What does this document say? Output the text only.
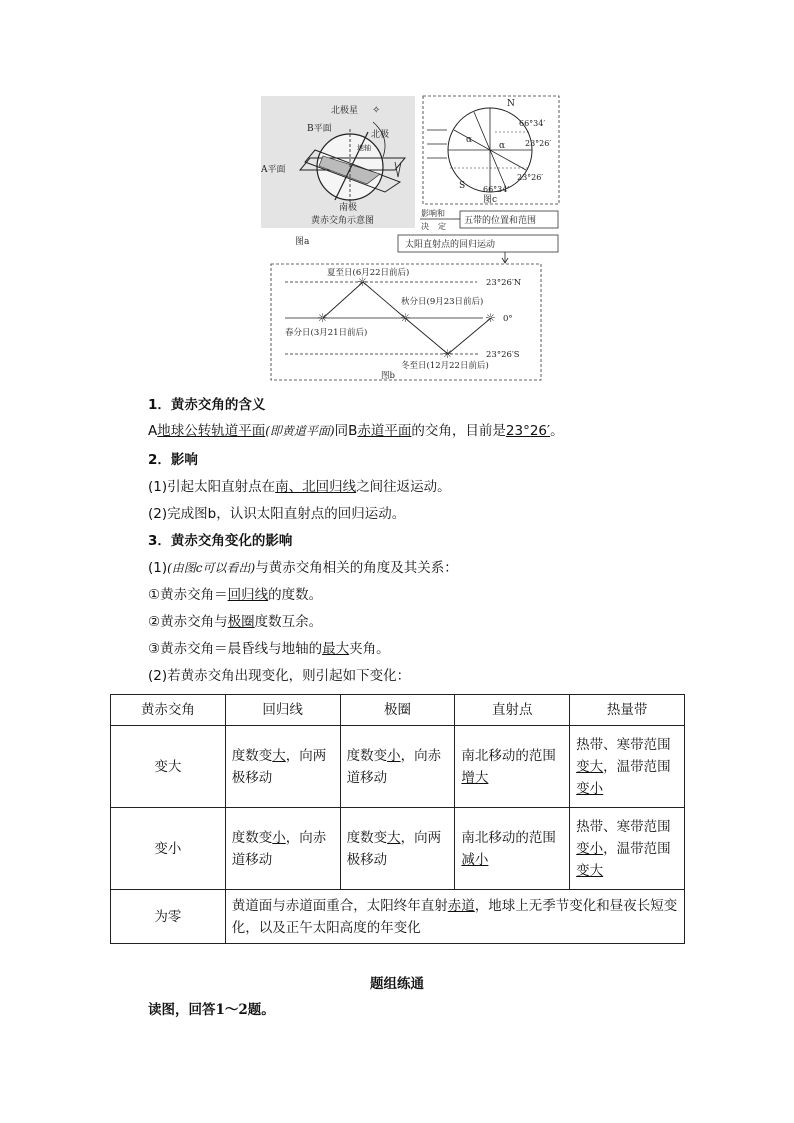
北极星 ✧
北极
B平面
A平面
地轴
南极
黄赤交角示意图
图a
N
S
66°34′
23°26′
23°26′
66°34′
α
α
图c
影响和
决 定
五带的位置和范围
太阳直射点的回归运动
☼
☼
☼
☼
☼
夏至日(6月22日前后)
秋分日(9月23日前后)
春分日(3月21日前后)
冬至日(12月22日前后)
23°26′N
0°
23°26′S
图b
1．黄赤交角的含义
A地球公转轨道平面(即黄道平面)同B赤道平面的交角，目前是23°26′。
2．影响
(1)引起太阳直射点在南、北回归线之间往返运动。
(2)完成图b，认识太阳直射点的回归运动。
3．黄赤交角变化的影响
(1)(由图c可以看出)与黄赤交角相关的角度及其关系：
①黄赤交角＝回归线的度数。
②黄赤交角与极圈度数互余。
③黄赤交角＝晨昏线与地轴的最大夹角。
(2)若黄赤交角出现变化，则引起如下变化：
黄赤交角	回归线	极圈	直射点	热量带
变大	度数变大，向两极移动	度数变小，向赤道移动	南北移动的范围增大	热带、寒带范围变大，温带范围变小
变小	度数变小，向赤道移动	度数变大，向两极移动	南北移动的范围减小	热带、寒带范围变小，温带范围变大
为零	黄道面与赤道面重合，太阳终年直射赤道，地球上无季节变化和昼夜长短变化，以及正午太阳高度的年变化			
题组练通
读图，回答1～2题。
